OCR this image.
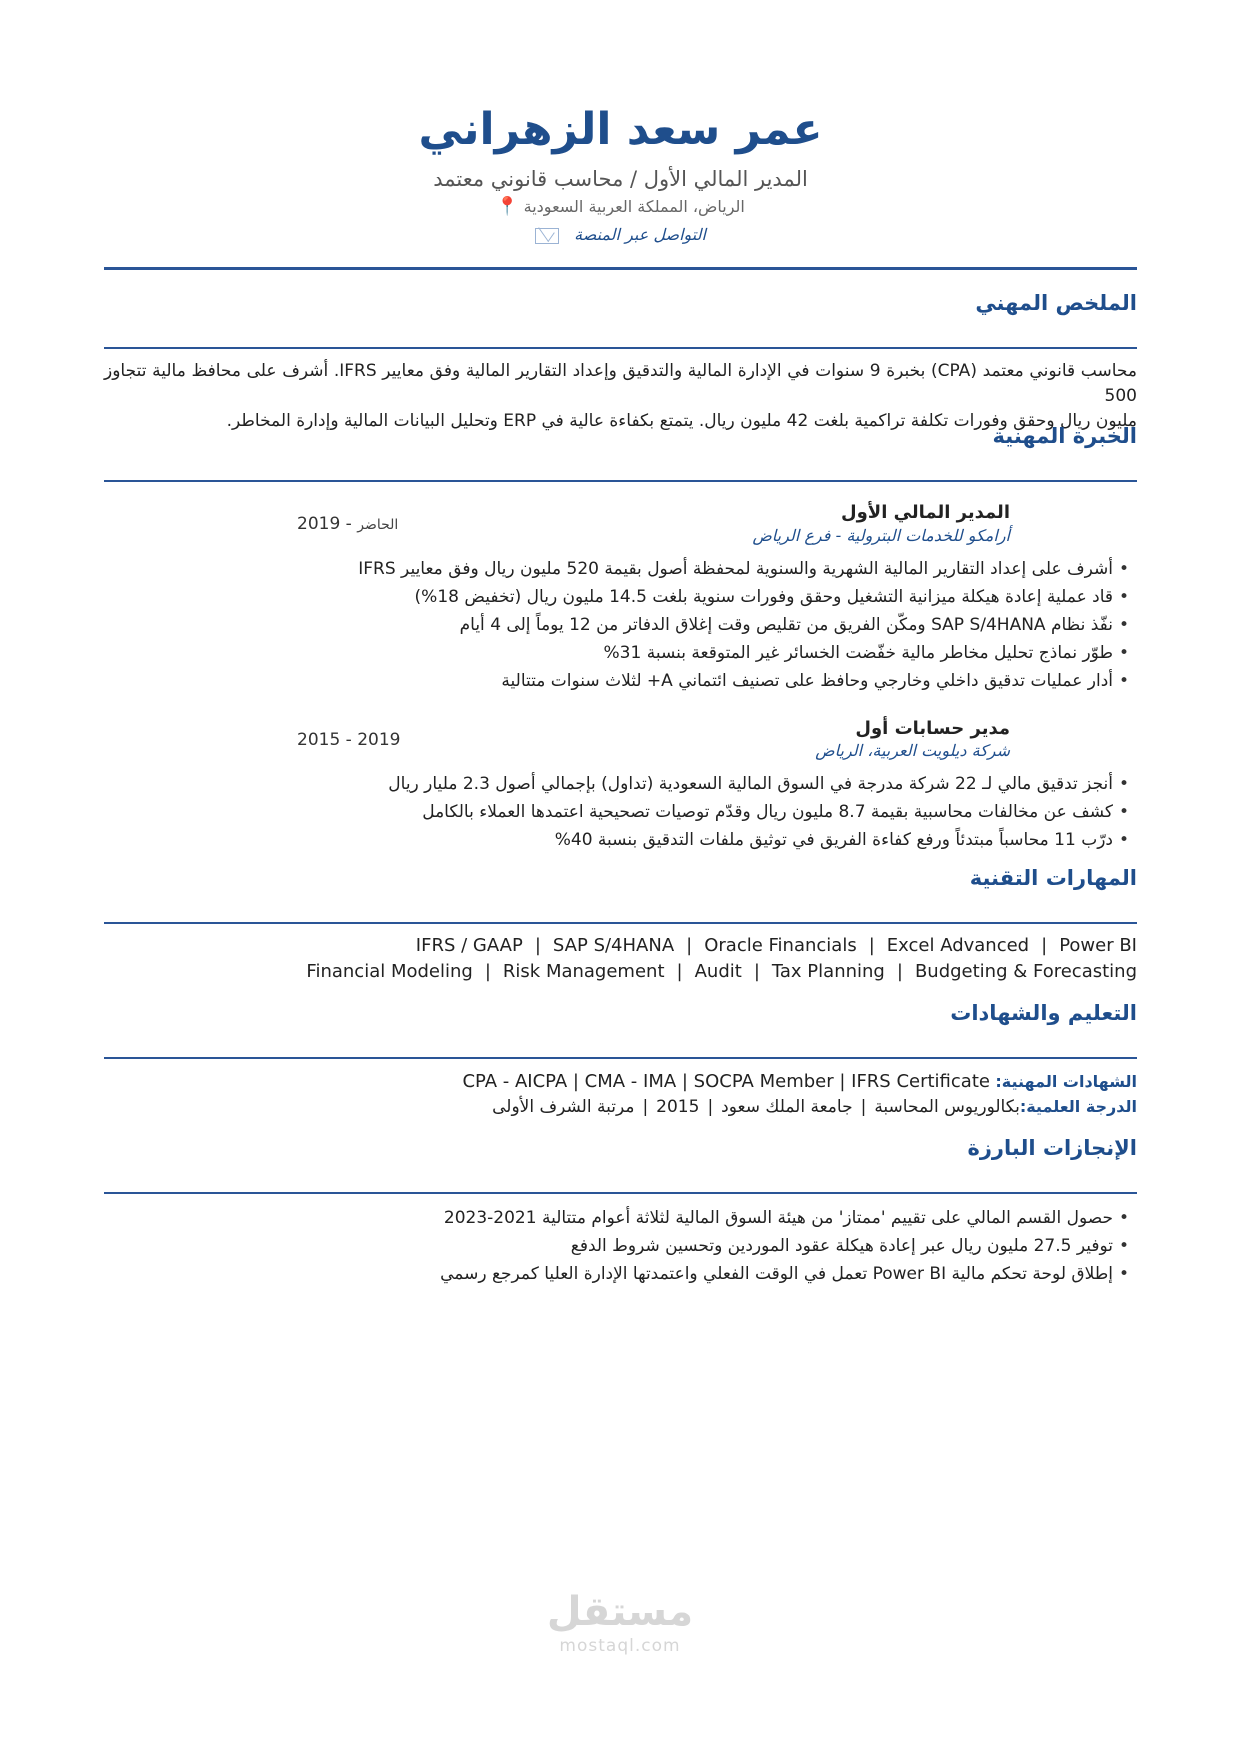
عمر سعد الزهراني
المدير المالي الأول / محاسب قانوني معتمد
الرياض، المملكة العربية السعودية 📍
التواصل عبر المنصة
الملخص المهني
محاسب قانوني معتمد (CPA) بخبرة 9 سنوات في الإدارة المالية والتدقيق وإعداد التقارير المالية وفق معايير IFRS. أشرف على محافظ مالية تتجاوز 500
مليون ريال وحقق وفورات تكلفة تراكمية بلغت 42 مليون ريال. يتمتع بكفاءة عالية في ERP وتحليل البيانات المالية وإدارة المخاطر.
الخبرة المهنية
المدير المالي الأول
أرامكو للخدمات البترولية - فرع الرياض
2019 - الحاضر
• أشرف على إعداد التقارير المالية الشهرية والسنوية لمحفظة أصول بقيمة 520 مليون ريال وفق معايير IFRS
• قاد عملية إعادة هيكلة ميزانية التشغيل وحقق وفورات سنوية بلغت 14.5 مليون ريال (تخفيض 18%)
• نفّذ نظام SAP S/4HANA ومكّن الفريق من تقليص وقت إغلاق الدفاتر من 12 يوماً إلى 4 أيام
• طوّر نماذج تحليل مخاطر مالية خفّضت الخسائر غير المتوقعة بنسبة 31%
• أدار عمليات تدقيق داخلي وخارجي وحافظ على تصنيف ائتماني A+ لثلاث سنوات متتالية
مدير حسابات أول
شركة ديلويت العربية، الرياض
2015 - 2019
• أنجز تدقيق مالي لـ 22 شركة مدرجة في السوق المالية السعودية (تداول) بإجمالي أصول 2.3 مليار ريال
• كشف عن مخالفات محاسبية بقيمة 8.7 مليون ريال وقدّم توصيات تصحيحية اعتمدها العملاء بالكامل
• درّب 11 محاسباً مبتدئاً ورفع كفاءة الفريق في توثيق ملفات التدقيق بنسبة 40%
المهارات التقنية
IFRS / GAAP | SAP S/4HANA | Oracle Financials | Excel Advanced | Power BI
Financial Modeling | Risk Management | Audit | Tax Planning | Budgeting & Forecasting
التعليم والشهادات
الشهادات المهنية: CPA - AICPA | CMA - IMA | SOCPA Member | IFRS Certificate
الدرجة العلمية:بكالوريوس المحاسبة|جامعة الملك سعود|2015|مرتبة الشرف الأولى
الإنجازات البارزة
• حصول القسم المالي على تقييم 'ممتاز' من هيئة السوق المالية لثلاثة أعوام متتالية 2021-2023
• توفير 27.5 مليون ريال عبر إعادة هيكلة عقود الموردين وتحسين شروط الدفع
• إطلاق لوحة تحكم مالية Power BI تعمل في الوقت الفعلي واعتمدتها الإدارة العليا كمرجع رسمي
مستقل
mostaql.com
